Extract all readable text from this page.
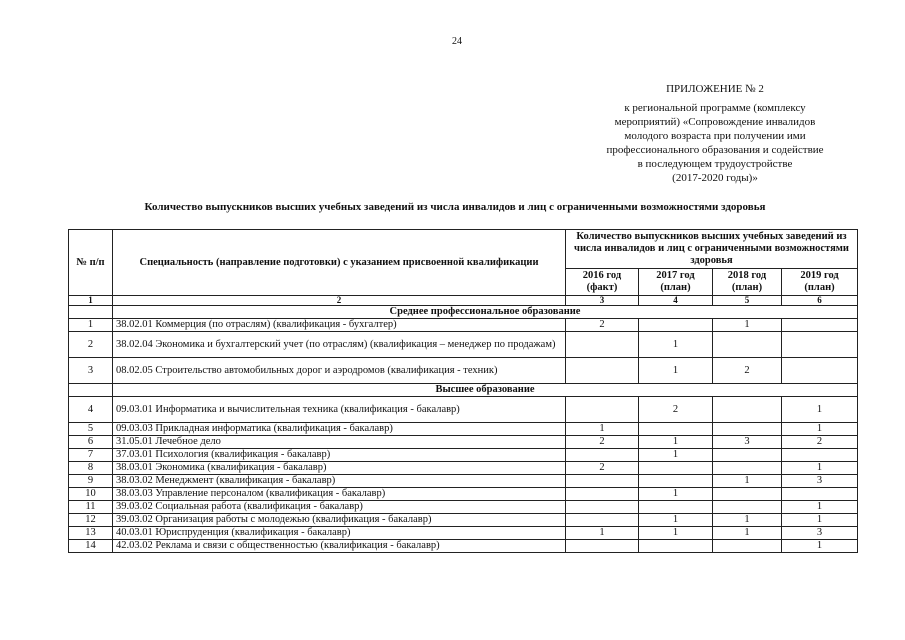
24
ПРИЛОЖЕНИЕ № 2
к региональной программе (комплексу
мероприятий) «Сопровождение инвалидов
молодого возраста при получении ими
профессионального образования и содействие
в последующем трудоустройстве
(2017-2020 годы)»
Количество выпускников высших учебных заведений из числа инвалидов и лиц с ограниченными возможностями здоровья
№ п/п	Специальность (направление подготовки) с указанием присвоенной квалификации	Количество выпускников высших учебных заведений из числа инвалидов и лиц с ограниченными возможностями здоровья			
		2016 год (факт)	2017 год (план)	2018 год (план)	2019 год (план)
1	2	3	4	5	6
	Среднее профессиональное образование				
1	38.02.01 Коммерция (по отраслям) (квалификация - бухгалтер)	2		1	
2	38.02.04 Экономика и бухгалтерский учет (по отраслям) (квалификация – менеджер по продажам)		1		
3	08.02.05 Строительство автомобильных дорог и аэродромов (квалификация - техник)		1	2	
	Высшее образование				
4	09.03.01 Информатика и вычислительная техника (квалификация - бакалавр)		2		1
5	09.03.03 Прикладная информатика (квалификация - бакалавр)	1			1
6	31.05.01 Лечебное дело	2	1	3	2
7	37.03.01 Психология (квалификация - бакалавр)		1		
8	38.03.01 Экономика (квалификация - бакалавр)	2			1
9	38.03.02 Менеджмент (квалификация - бакалавр)			1	3
10	38.03.03 Управление персоналом (квалификация - бакалавр)		1		
11	39.03.02 Социальная работа (квалификация - бакалавр)				1
12	39.03.02 Организация работы с молодежью (квалификация - бакалавр)		1	1	1
13	40.03.01 Юриспруденция (квалификация - бакалавр)	1	1	1	3
14	42.03.02 Реклама и связи с общественностью (квалификация - бакалавр)				1
